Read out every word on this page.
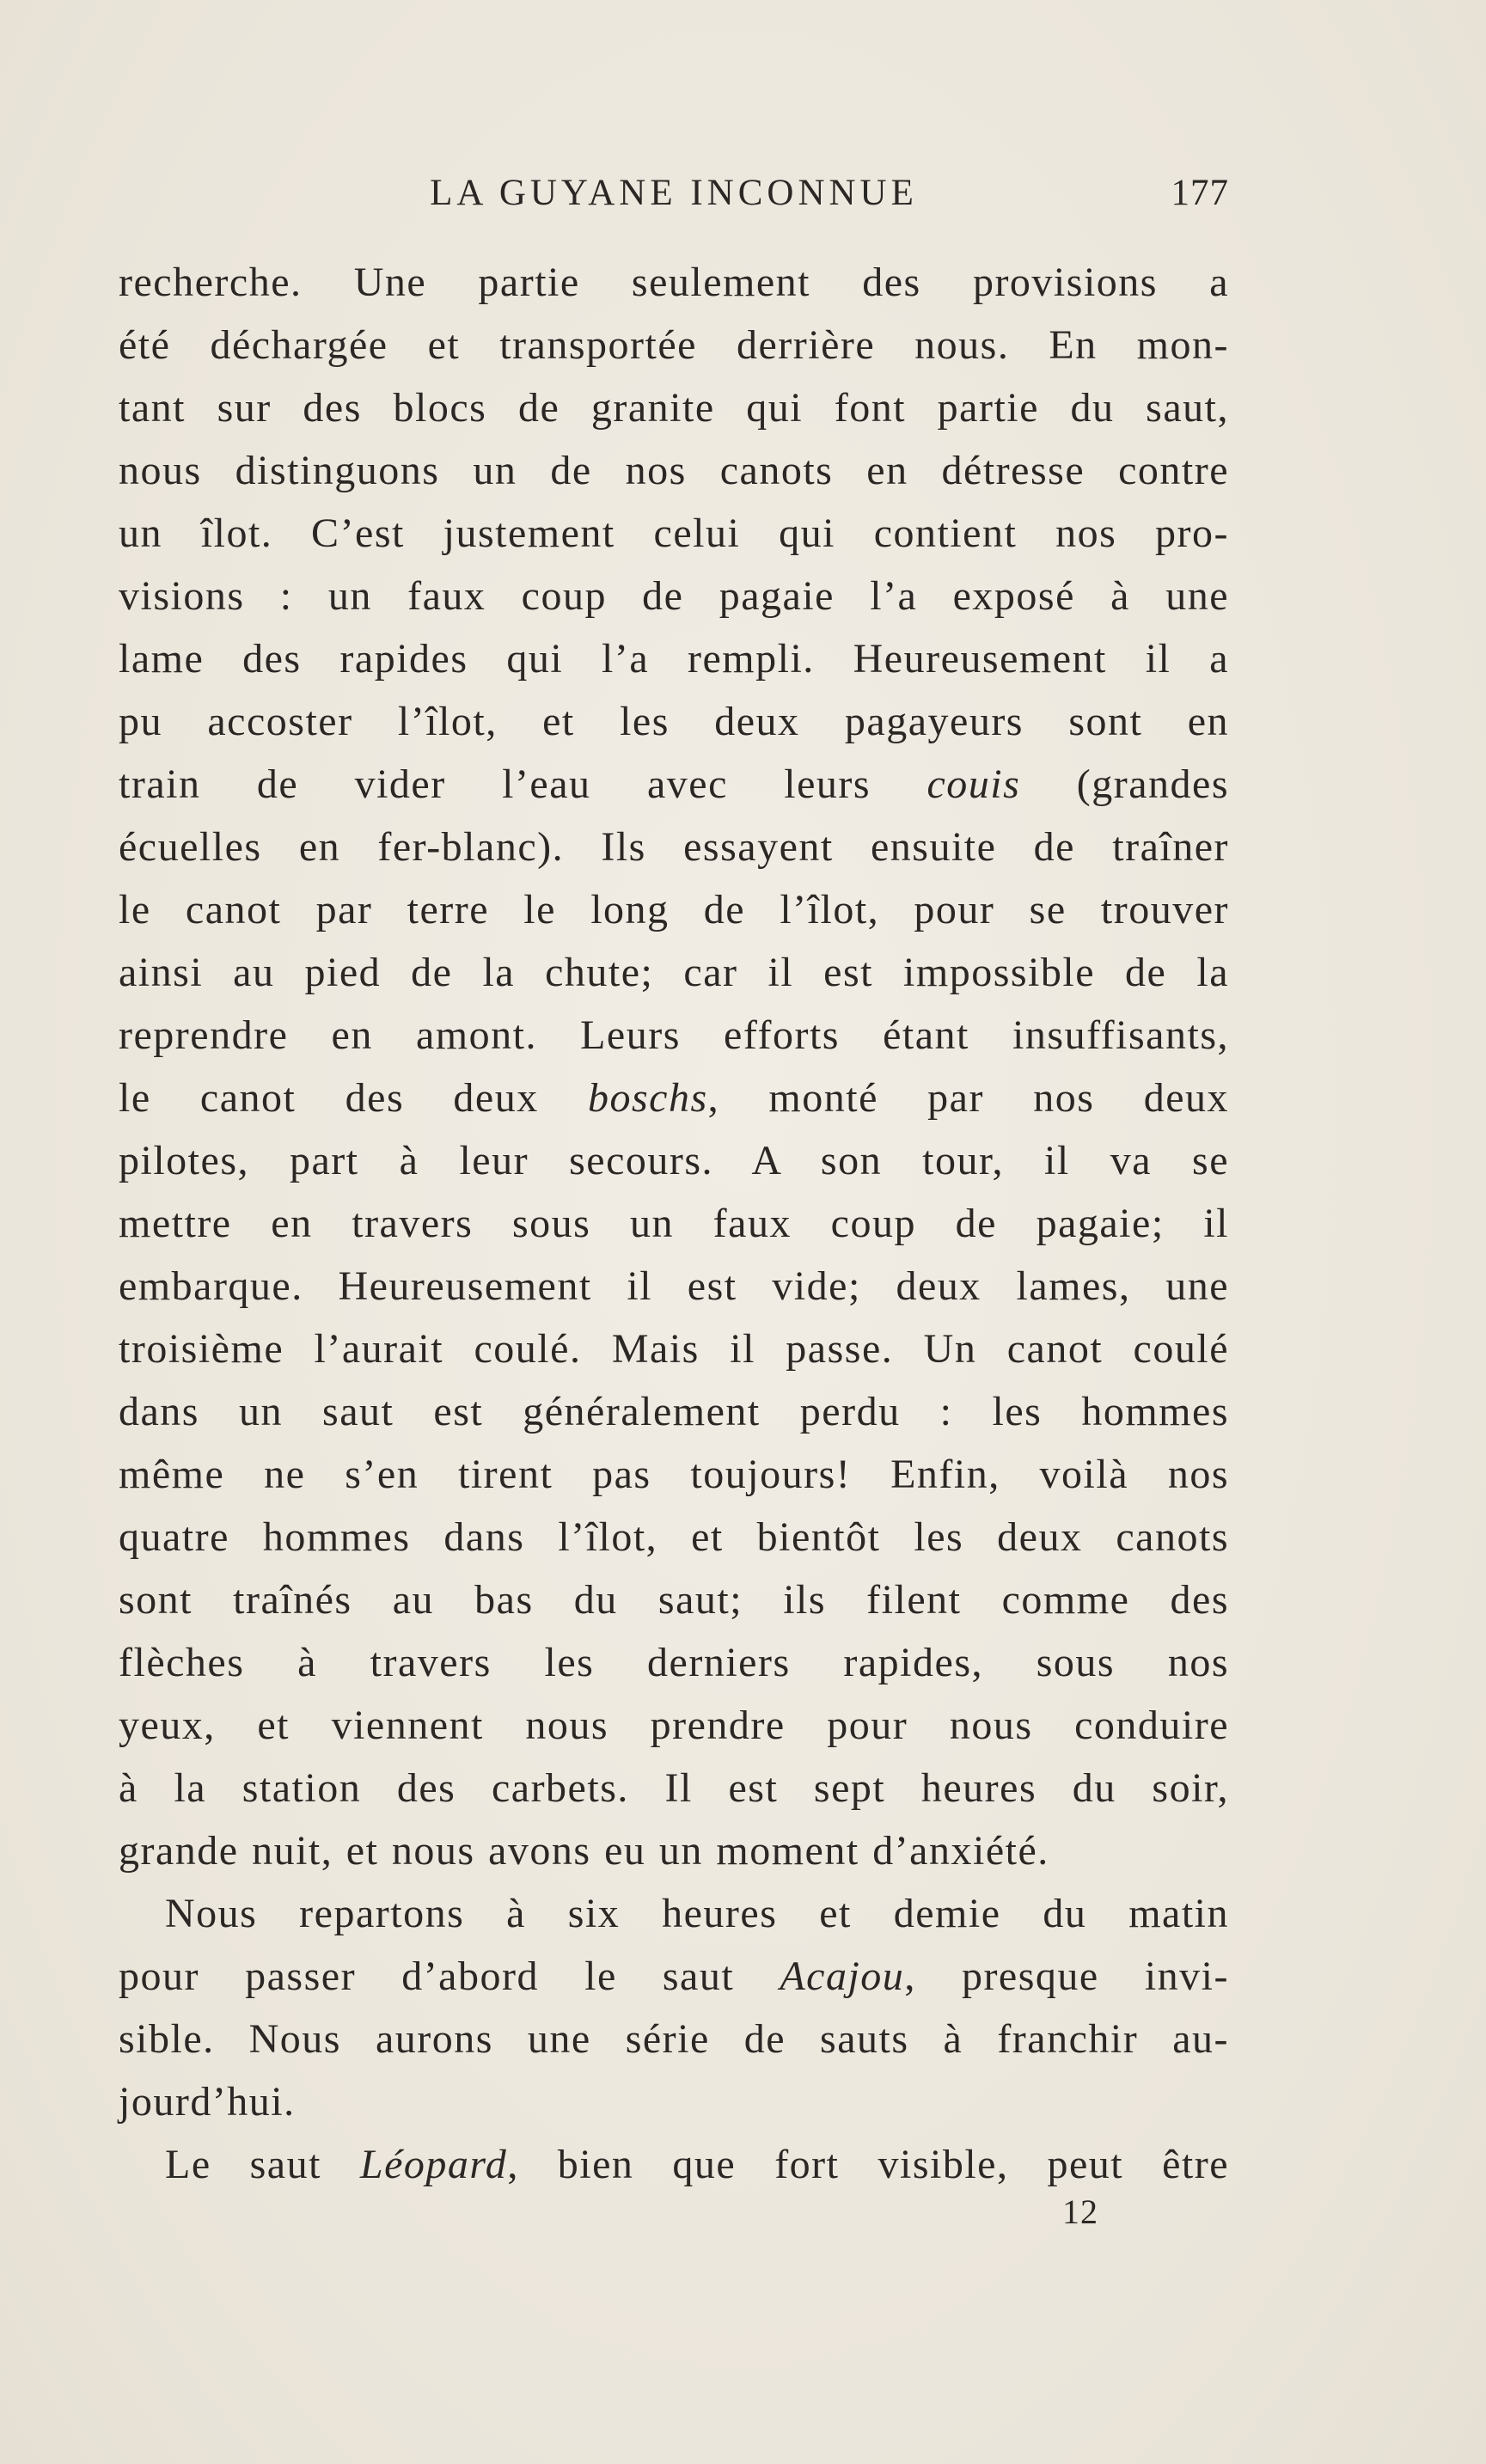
LA GUYANE INCONNUE	177
recherche. Une partie seulement des provisions a
été déchargée et transportée derrière nous. En mon-
tant sur des blocs de granite qui font partie du saut,
nous distinguons un de nos canots en détresse contre
un îlot. C’est justement celui qui contient nos pro-
visions : un faux coup de pagaie l’a exposé à une
lame des rapides qui l’a rempli. Heureusement il a
pu accoster l’îlot, et les deux pagayeurs sont en
train de vider l’eau avec leurs couis (grandes
écuelles en fer-blanc). Ils essayent ensuite de traîner
le canot par terre le long de l’îlot, pour se trouver
ainsi au pied de la chute; car il est impossible de la
reprendre en amont. Leurs efforts étant insuffisants,
le canot des deux boschs, monté par nos deux
pilotes, part à leur secours. A son tour, il va se
mettre en travers sous un faux coup de pagaie; il
embarque. Heureusement il est vide; deux lames, une
troisième l’aurait coulé. Mais il passe. Un canot coulé
dans un saut est généralement perdu : les hommes
même ne s’en tirent pas toujours! Enfin, voilà nos
quatre hommes dans l’îlot, et bientôt les deux canots
sont traînés au bas du saut; ils filent comme des
flèches à travers les derniers rapides, sous nos
yeux, et viennent nous prendre pour nous conduire
à la station des carbets. Il est sept heures du soir,
grande nuit, et nous avons eu un moment d’anxiété.
Nous repartons à six heures et demie du matin
pour passer d’abord le saut Acajou, presque invi-
sible. Nous aurons une série de sauts à franchir au-
jourd’hui.
Le saut Léopard, bien que fort visible, peut être
12
